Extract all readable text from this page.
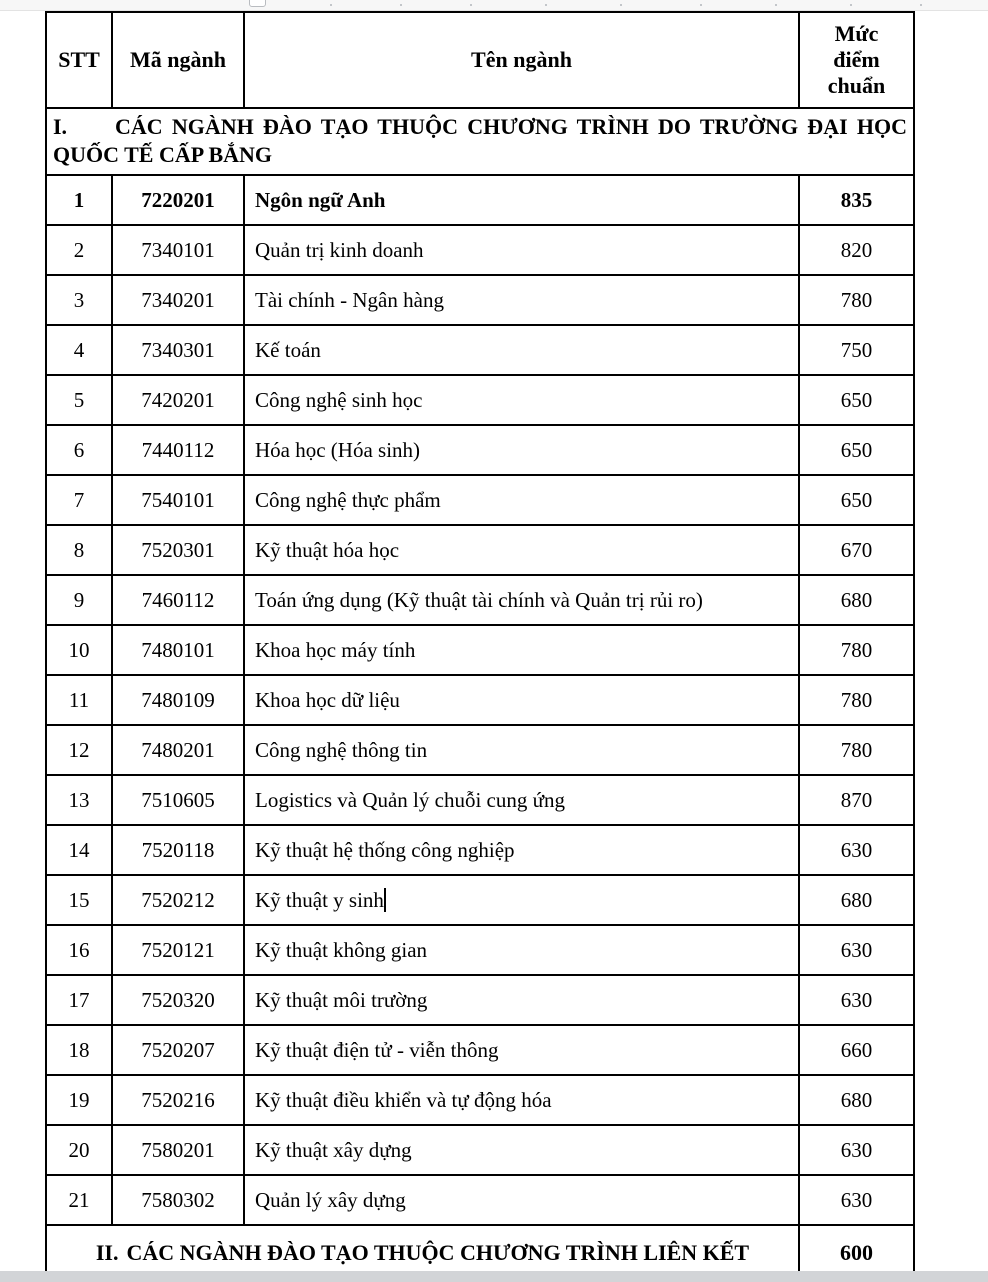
STT	Mã ngành	Tên ngành	Mức
điểm
chuẩn
I. CÁC NGÀNH ĐÀO TẠO THUỘC CHƯƠNG TRÌNH DO TRƯỜNG ĐẠI HỌC QUỐC TẾ CẤP BẮNG			
1	7220201	Ngôn ngữ Anh	835
2	7340101	Quản trị kinh doanh	820
3	7340201	Tài chính - Ngân hàng	780
4	7340301	Kế toán	750
5	7420201	Công nghệ sinh học	650
6	7440112	Hóa học (Hóa sinh)	650
7	7540101	Công nghệ thực phẩm	650
8	7520301	Kỹ thuật hóa học	670
9	7460112	Toán ứng dụng (Kỹ thuật tài chính và Quản trị rủi ro)	680
10	7480101	Khoa học máy tính	780
11	7480109	Khoa học dữ liệu	780
12	7480201	Công nghệ thông tin	780
13	7510605	Logistics và Quản lý chuỗi cung ứng	870
14	7520118	Kỹ thuật hệ thống công nghiệp	630
15	7520212	Kỹ thuật y sinh	680
16	7520121	Kỹ thuật không gian	630
17	7520320	Kỹ thuật môi trường	630
18	7520207	Kỹ thuật điện tử - viễn thông	660
19	7520216	Kỹ thuật điều khiển và tự động hóa	680
20	7580201	Kỹ thuật xây dựng	630
21	7580302	Quản lý xây dựng	630
II. CÁC NGÀNH ĐÀO TẠO THUỘC CHƯƠNG TRÌNH LIÊN KẾT			600
